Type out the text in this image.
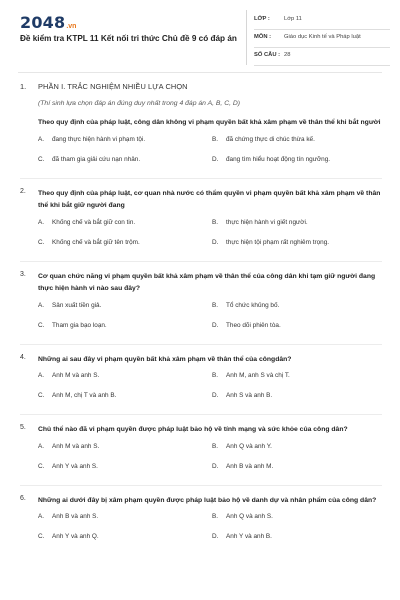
2048 .vn
Đề kiểm tra KTPL 11 Kết nối tri thức Chủ đề 9 có đáp án
LỚP : Lớp 11
MÔN : Giáo dục Kinh tế và Pháp luật
SỐ CÂU : 28
1. PHẦN I. TRẮC NGHIỆM NHIỀU LỰA CHỌN
(Thí sinh lựa chọn đáp án đúng duy nhất trong 4 đáp án A, B, C, D)
Theo quy định của pháp luật, công dân không vi phạm quyền bất khả xâm phạm về thân thể khi bắt người
A. đang thực hiện hành vi phạm tội.	B. đã chứng thực di chúc thừa kế.
C. đã tham gia giải cứu nạn nhân.	D. đang tìm hiểu hoạt động tín ngưỡng.
2. Theo quy định của pháp luật, cơ quan nhà nước có thẩm quyền vi phạm quyền bất khả xâm phạm về thân thể khi bắt giữ người đang
A. Khống chế và bắt giữ con tin.	B. thực hiện hành vi giết người.
C. Khống chế và bắt giữ tên trộm.	D. thực hiện tội phạm rất nghiêm trọng.
3. Cơ quan chức năng vi phạm quyền bất khả xâm phạm về thân thể của công dân khi tạm giữ người đang thực hiện hành vi nào sau đây?
A. Sản xuất tiền giả.	B. Tổ chức khủng bố.
C. Tham gia bạo loạn.	D. Theo dõi phiên tòa.
4. Những ai sau đây vi phạm quyền bất khả xâm phạm về thân thể của côngdân?
A. Anh M và anh S.	B. Anh M, anh S và chị T.
C. Anh M, chị T và anh B.	D. Anh S và anh B.
5. Chủ thể nào đã vi phạm quyền được pháp luật bảo hộ về tính mạng và sức khỏe của công dân?
A. Anh M và anh S.	B. Anh Q và anh Y.
C. Anh Y và anh S.	D. Anh B và anh M.
6. Những ai dưới đây bị xâm phạm quyền được pháp luật bảo hộ về danh dự và nhân phẩm của công dân?
A. Anh B và anh S.	B. Anh Q và anh S.
C. Anh Y và anh Q.	D. Anh Y và anh B.
